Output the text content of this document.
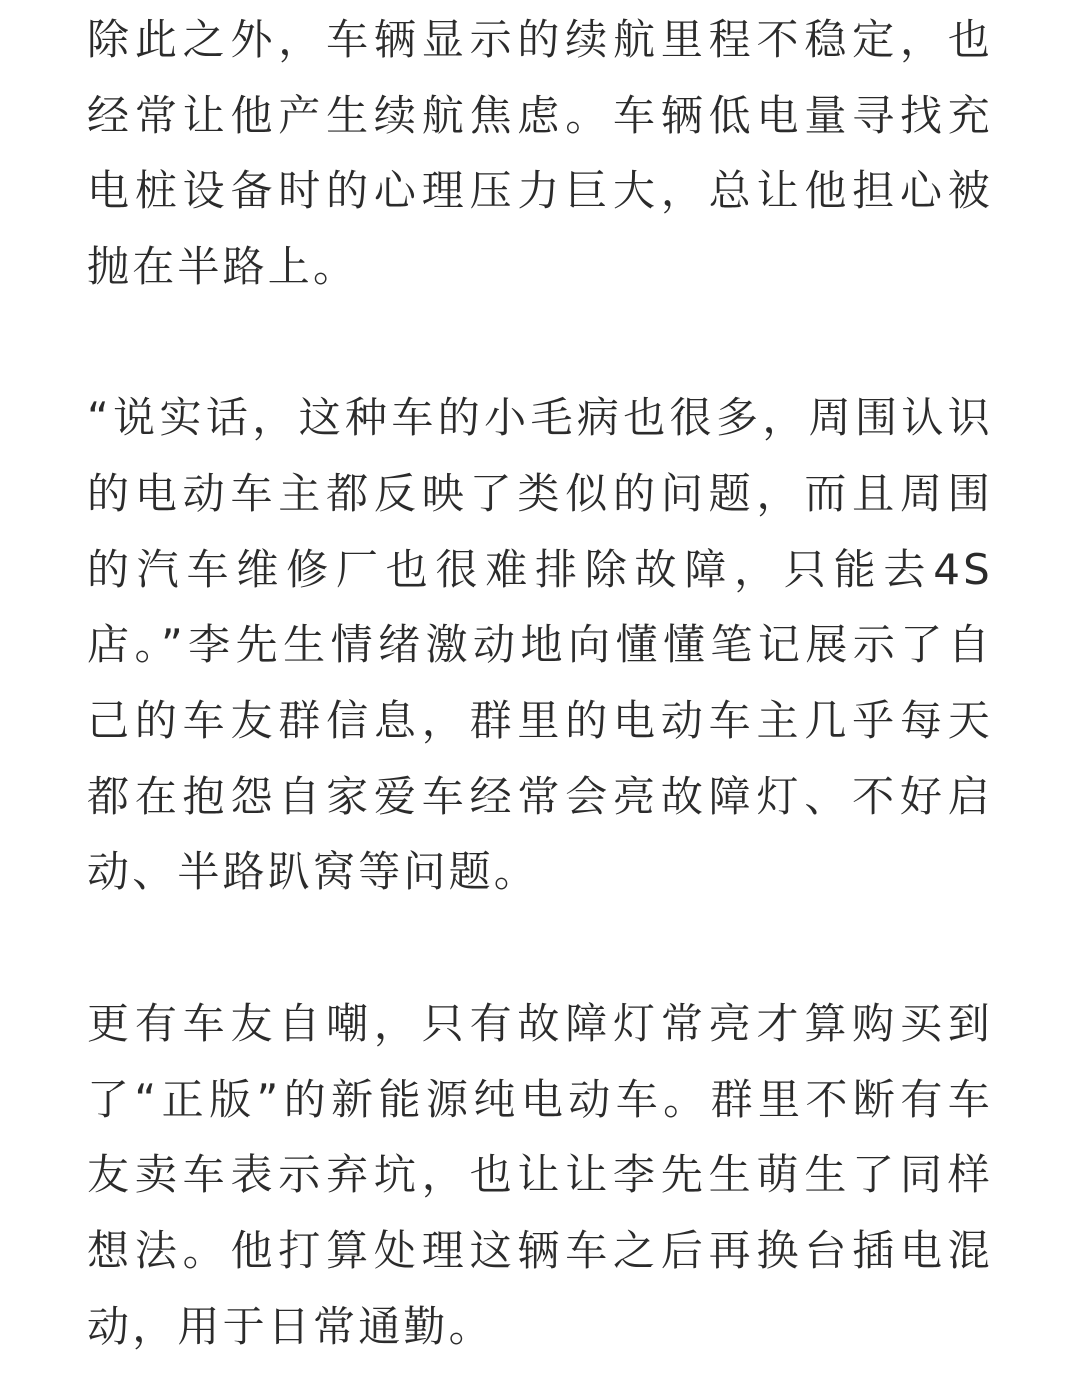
除此之外，车辆显示的续航里程不稳定，也
经常让他产生续航焦虑。车辆低电量寻找充
电桩设备时的心理压力巨大，总让他担心被
抛在半路上。
“说实话，这种车的小毛病也很多，周围认识
的电动车主都反映了类似的问题，而且周围
的汽车维修厂也很难排除故障，只能去4S
店。”李先生情绪激动地向懂懂笔记展示了自
己的车友群信息，群里的电动车主几乎每天
都在抱怨自家爱车经常会亮故障灯、不好启
动、半路趴窝等问题。
更有车友自嘲，只有故障灯常亮才算购买到
了“正版”的新能源纯电动车。群里不断有车
友卖车表示弃坑，也让让李先生萌生了同样
想法。他打算处理这辆车之后再换台插电混
动，用于日常通勤。
